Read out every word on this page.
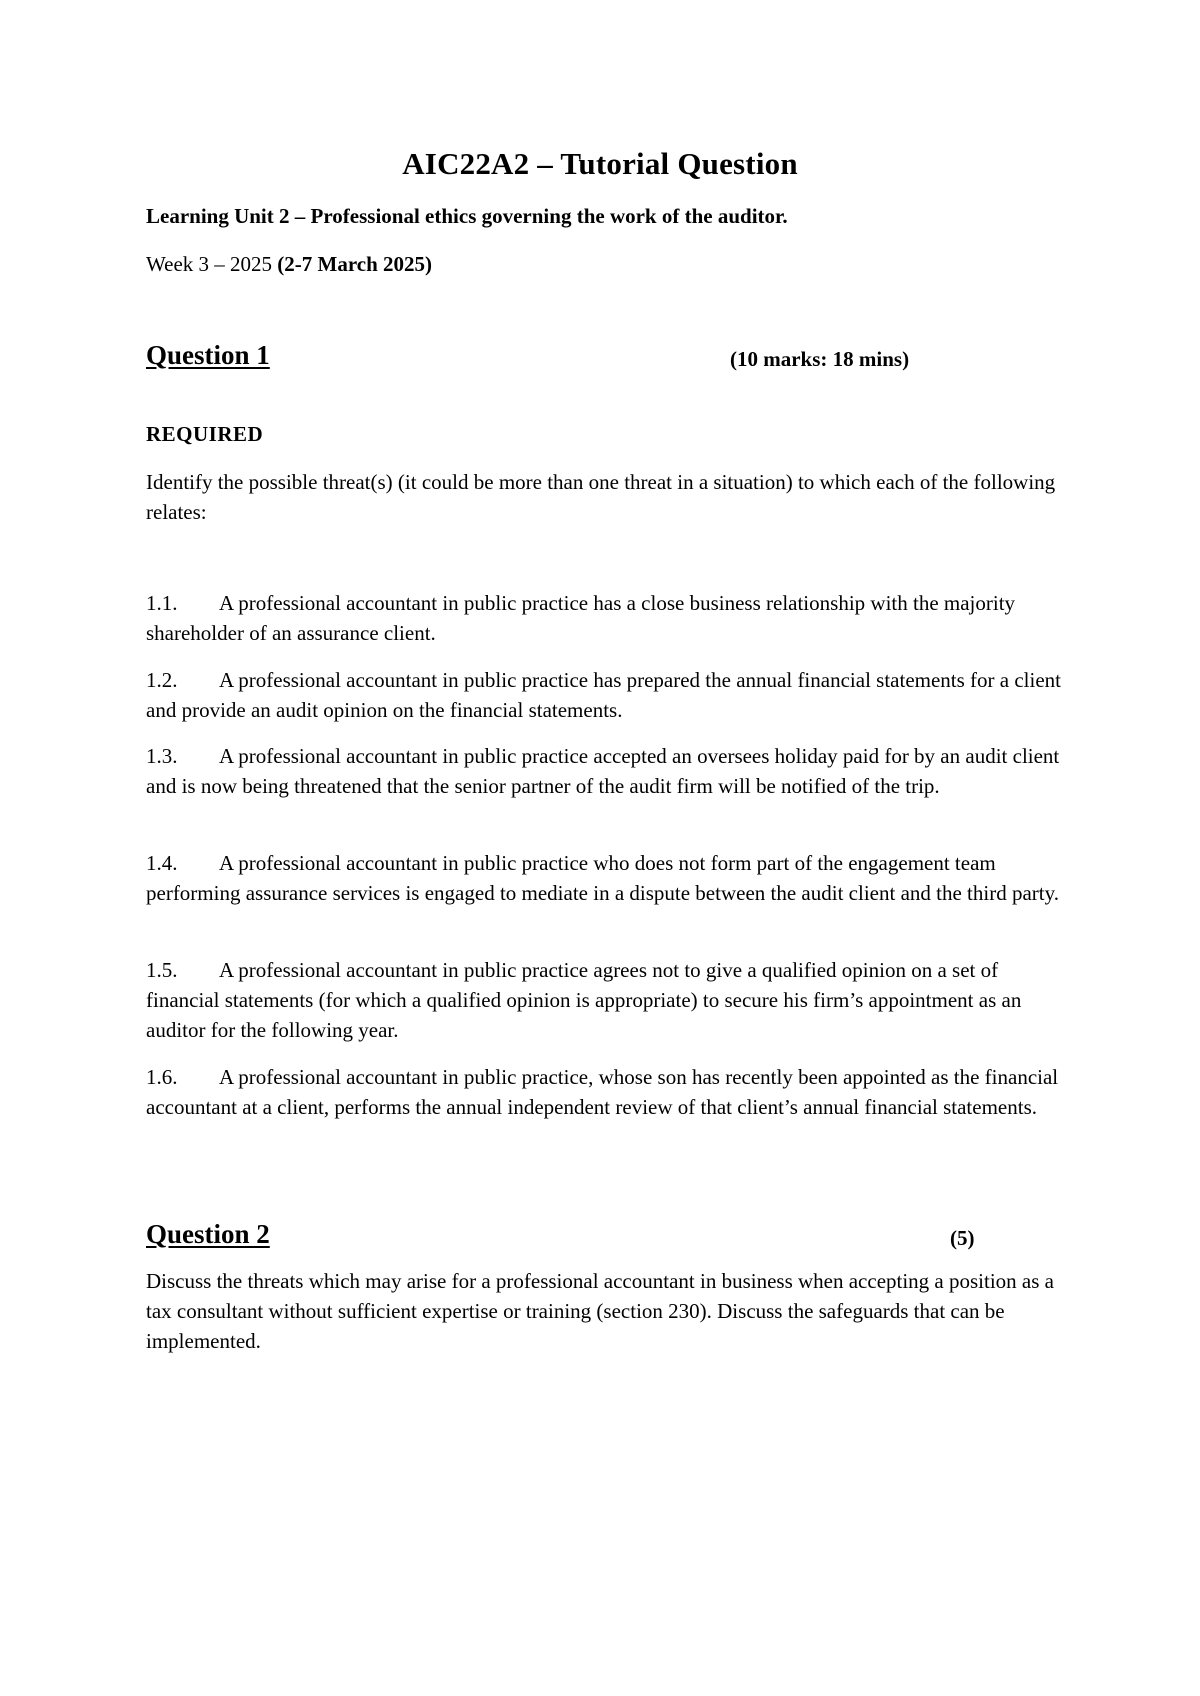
AIC22A2 – Tutorial Question
Learning Unit 2 – Professional ethics governing the work of the auditor.
Week 3 – 2025 (2-7 March 2025)
Question 1	(10 marks: 18 mins)
REQUIRED
Identify the possible threat(s) (it could be more than one threat in a situation) to which each of the following relates:
1.1. A professional accountant in public practice has a close business relationship with the majority shareholder of an assurance client.
1.2. A professional accountant in public practice has prepared the annual financial statements for a client and provide an audit opinion on the financial statements.
1.3. A professional accountant in public practice accepted an oversees holiday paid for by an audit client and is now being threatened that the senior partner of the audit firm will be notified of the trip.
1.4. A professional accountant in public practice who does not form part of the engagement team performing assurance services is engaged to mediate in a dispute between the audit client and the third party.
1.5. A professional accountant in public practice agrees not to give a qualified opinion on a set of financial statements (for which a qualified opinion is appropriate) to secure his firm’s appointment as an auditor for the following year.
1.6. A professional accountant in public practice, whose son has recently been appointed as the financial accountant at a client, performs the annual independent review of that client’s annual financial statements.
Question 2	(5)
Discuss the threats which may arise for a professional accountant in business when accepting a position as a tax consultant without sufficient expertise or training (section 230). Discuss the safeguards that can be implemented.
